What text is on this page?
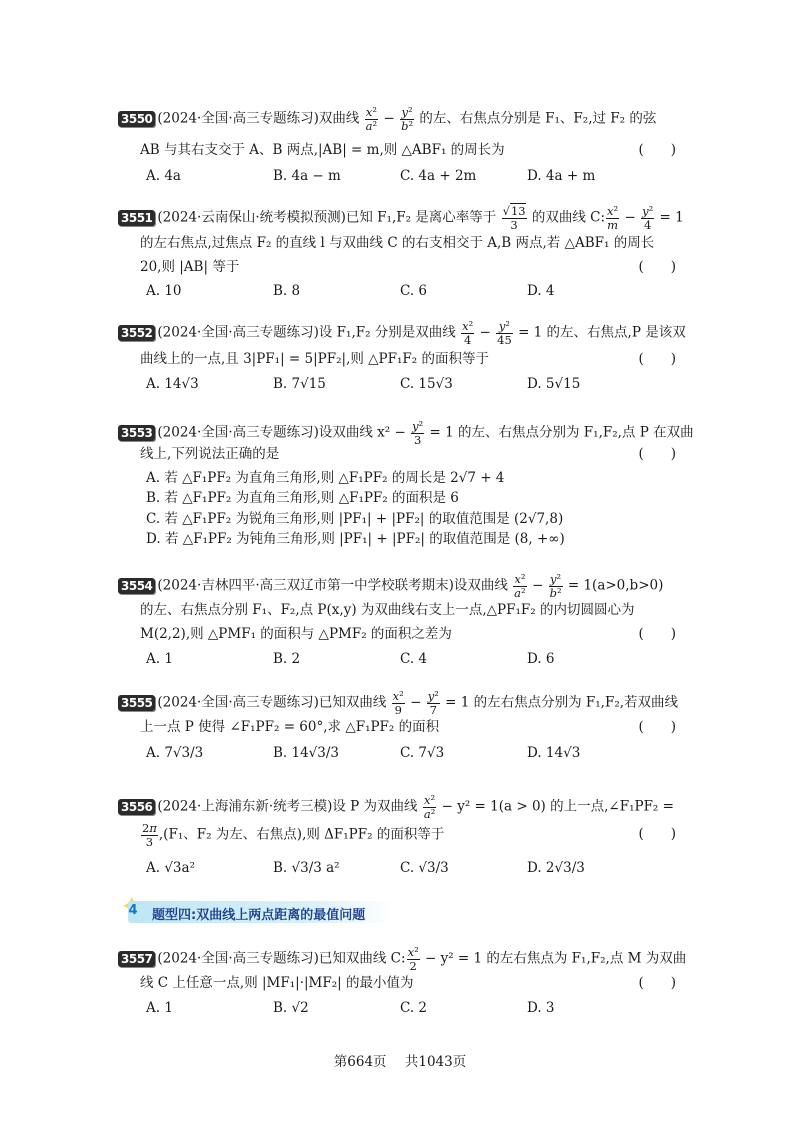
3550 (2024·全国·高三专题练习)双曲线 $\frac{\text{x²}}{\text{a²}} - \frac{\text{y²}}{\text{b²}}$ 的左、右焦点分别是 F₁、F₂,过 F₂ 的弦
AB 与其右支交于 A、B 两点,|AB| = m,则 △ABF₁ 的周长为	(　　)
A. 4a	B. 4a − m	C. 4a + 2m	D. 4a + m
3551 (2024·云南保山·统考模拟预测)已知 F₁,F₂ 是离心率等于 $\frac{√13}{3}$ 的双曲线 C: $\frac{\text{x²}}{m} - \frac{\text{y²}}{4} = 1$
的左右焦点,过焦点 F₂ 的直线 l 与双曲线 C 的右支相交于 A,B 两点,若 △ABF₁ 的周长
20,则 |AB| 等于	(　　)
A. 10	B. 8	C. 6	D. 4
3552 (2024·全国·高三专题练习)设 F₁,F₂ 分别是双曲线 $\frac{\text{x²}}{4} - \frac{\text{y²}}{45} = 1$ 的左、右焦点,P 是该双
曲线上的一点,且 3|PF₁| = 5|PF₂|,则 △PF₁F₂ 的面积等于	(　　)
A. 14√3	B. 7√15	C. 15√3	D. 5√15
3553 (2024·全国·高三专题练习)设双曲线 $x^2 - \frac{\text{y²}}{3} = 1$ 的左、右焦点分别为 F₁,F₂,点 P 在双曲
线上,下列说法正确的是	(　　)
A. 若 △F₁PF₂ 为直角三角形,则 △F₁PF₂ 的周长是 2√7 + 4
B. 若 △F₁PF₂ 为直角三角形,则 △F₁PF₂ 的面积是 6
C. 若 △F₁PF₂ 为锐角三角形,则 |PF₁| + |PF₂| 的取值范围是 (2√7,8)
D. 若 △F₁PF₂ 为钝角三角形,则 |PF₁| + |PF₂| 的取值范围是 (8, +∞)
3554 (2024·吉林四平·高三双辽市第一中学校联考期末)设双曲线 $\frac{\text{x²}}{\text{a²}} - \frac{\text{y²}}{\text{b²}} = 1(a>0,b>0)$
的左、右焦点分别 F₁、F₂,点 P(x,y) 为双曲线右支上一点,△PF₁F₂ 的内切圆圆心为
M(2,2),则 △PMF₁ 的面积与 △PMF₂ 的面积之差为	(　　)
A. 1	B. 2	C. 4	D. 6
3555 (2024·全国·高三专题练习)已知双曲线 $\frac{\text{x²}}{9} - \frac{\text{y²}}{7} = 1$ 的左右焦点分别为 F₁,F₂,若双曲线
上一点 P 使得 ∠F₁PF₂ = 60°,求 △F₁PF₂ 的面积	(　　)
A. 7√3/3	B. 14√3/3	C. 7√3	D. 14√3
3556 (2024·上海浦东新·统考三模)设 P 为双曲线 $\frac{\text{x²}}{\text{a²}} - y^2 = 1(a > 0)$ 的上一点,∠F₁PF₂ =
$\frac{2\pi}{3} ,(F_1$、F₂ 为左、右焦点),则 ΔF₁PF₂ 的面积等于	(　　)
A. √3a²	B. √3/3 a²	C. √3/3	D. 2√3/3
✦ 4	题型四:双曲线上两点距离的最值问题
3557 (2024·全国·高三专题练习)已知双曲线 C: $\frac{\text{x²}}{2} - y^2 = 1$ 的左右焦点为 F₁,F₂,点 M 为双曲
线 C 上任意一点,则 |MF₁|·|MF₂| 的最小值为	(　　)
A. 1	B. √2	C. 2	D. 3
第664页 共1043页
